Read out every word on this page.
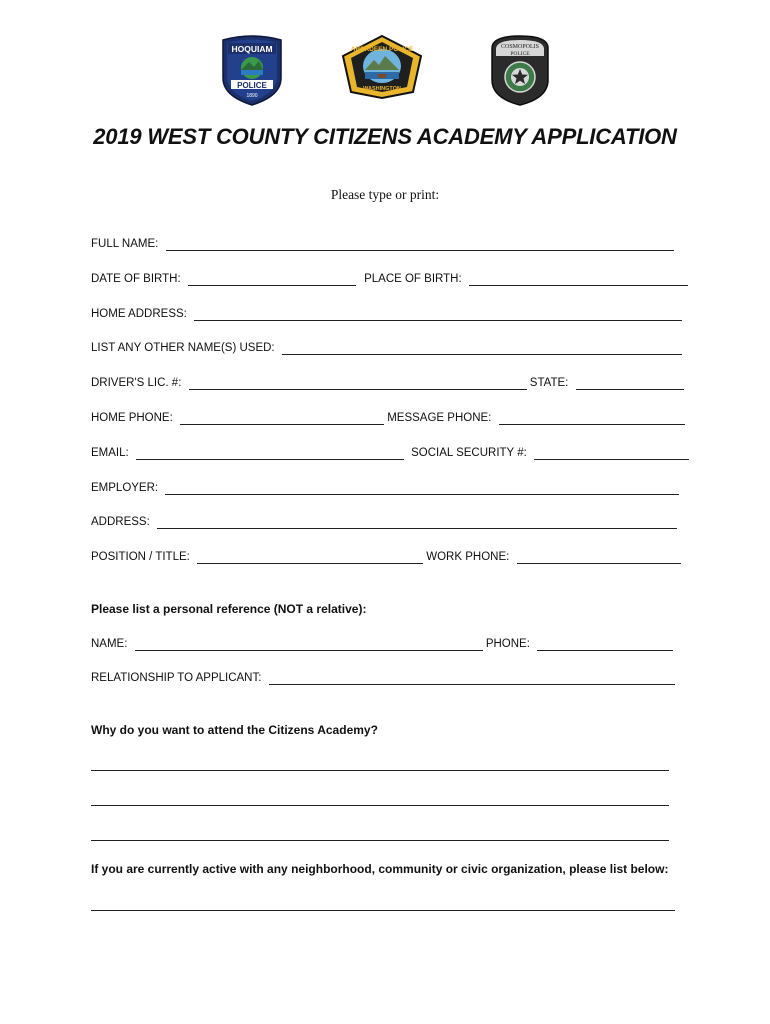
HOQUIAM
POLICE
1890
ABERDEEN POLICE
WASHINGTON
COSMOPOLIS
POLICE
2019 WEST COUNTY CITIZENS ACADEMY APPLICATION
Please type or print:
FULL NAME:
DATE OF BIRTH:	PLACE OF BIRTH:
HOME ADDRESS:
LIST ANY OTHER NAME(S) USED:
DRIVER'S LIC. #:	STATE:
HOME PHONE:	MESSAGE PHONE:
EMAIL:	SOCIAL SECURITY #:
EMPLOYER:
ADDRESS:
POSITION / TITLE:	WORK PHONE:
Please list a personal reference (NOT a relative):
NAME:	PHONE:
RELATIONSHIP TO APPLICANT:
Why do you want to attend the Citizens Academy?
If you are currently active with any neighborhood, community or civic organization, please list below:
